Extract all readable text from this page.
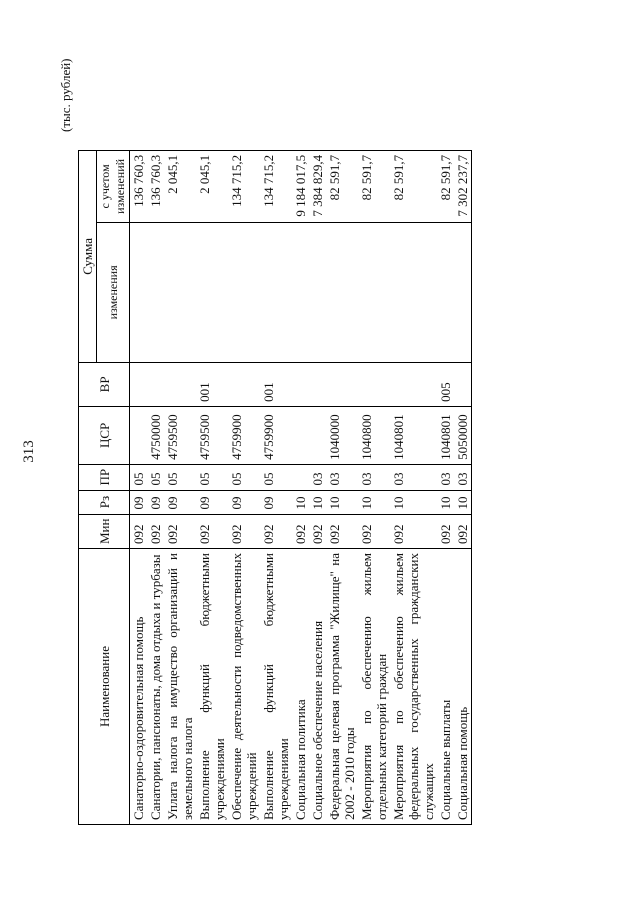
313
(тыс. рублей)
Наименование	Мин	Рз	ПР	ЦСР	ВР	Сумма	
						изменения	с учетом изменений
Санаторно-оздоровительная помощь	092	09	05				136 760,3
Санатории, пансионаты, дома отдыха и турбазы	092	09	05	4750000			136 760,3
Уплата налога на имущество организаций и земельного налога	092	09	05	4759500			2 045,1
Выполнение функций бюджетными учреждениями	092	09	05	4759500	001		2 045,1
Обеспечение деятельности подведомственных учреждений	092	09	05	4759900			134 715,2
Выполнение функций бюджетными учреждениями	092	09	05	4759900	001		134 715,2
Социальная политика	092	10					9 184 017,5
Социальное обеспечение населения	092	10	03				7 384 829,4
Федеральная целевая программа "Жилище" на 2002 - 2010 годы	092	10	03	1040000			82 591,7
Мероприятия по обеспечению жильем отдельных категорий граждан	092	10	03	1040800			82 591,7
Мероприятия по обеспечению жильем федеральных государственных гражданских служащих	092	10	03	1040801			82 591,7
Социальные выплаты	092	10	03	1040801	005		82 591,7
Социальная помощь	092	10	03	5050000			7 302 237,7
